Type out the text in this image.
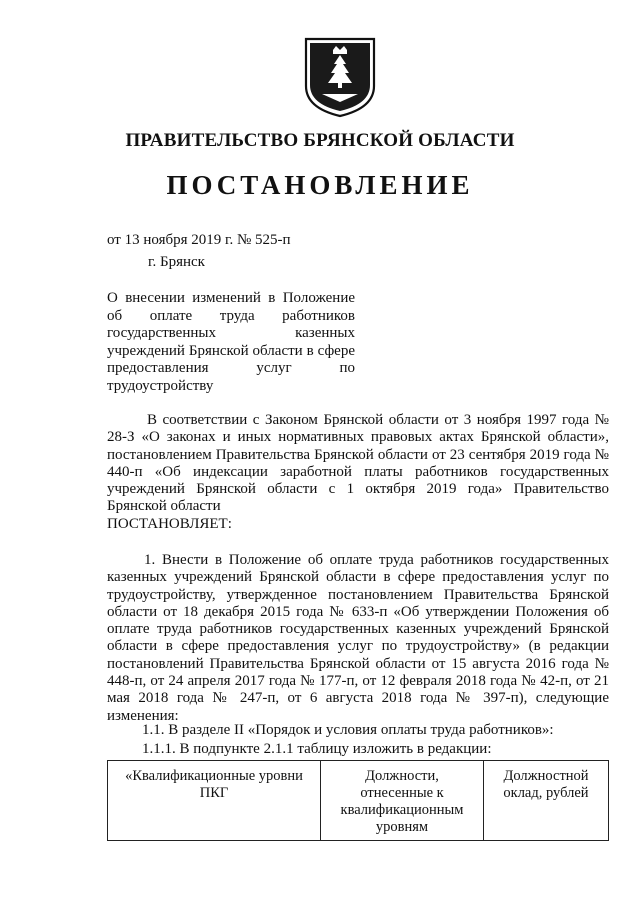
ПРАВИТЕЛЬСТВО БРЯНСКОЙ ОБЛАСТИ
ПОСТАНОВЛЕНИЕ
от 13 ноября 2019 г. № 525-п
г. Брянск
О внесении изменений в Положение об оплате труда работников государственных казенных учреждений Брянской области в сфере предоставления услуг по трудоустройству
В соответствии с Законом Брянской области от 3 ноября 1997 года № 28-З «О законах и иных нормативных правовых актах Брянской области», постановлением Правительства Брянской области от 23 сентября 2019 года № 440-п «Об индексации заработной платы работников государственных учреждений Брянской области с 1 октября 2019 года» Правительство Брянской области
ПОСТАНОВЛЯЕТ:
1. Внести в Положение об оплате труда работников государственных казенных учреждений Брянской области в сфере предоставления услуг по трудоустройству, утвержденное постановлением Правительства Брянской области от 18 декабря 2015 года № 633-п «Об утверждении Положения об оплате труда работников государственных казенных учреждений Брянской области в сфере предоставления услуг по трудоустройству» (в редакции постановлений Правительства Брянской области от 15 августа 2016 года № 448-п, от 24 апреля 2017 года № 177-п, от 12 февраля 2018 года № 42-п, от 21 мая 2018 года № 247-п, от 6 августа 2018 года № 397-п), следующие изменения:
1.1. В разделе II «Порядок и условия оплаты труда работников»:
1.1.1. В подпункте 2.1.1 таблицу изложить в редакции:
«Квалификационные уровни ПКГ	Должности, отнесенные к квалификационным уровням	Должностной оклад, рублей
